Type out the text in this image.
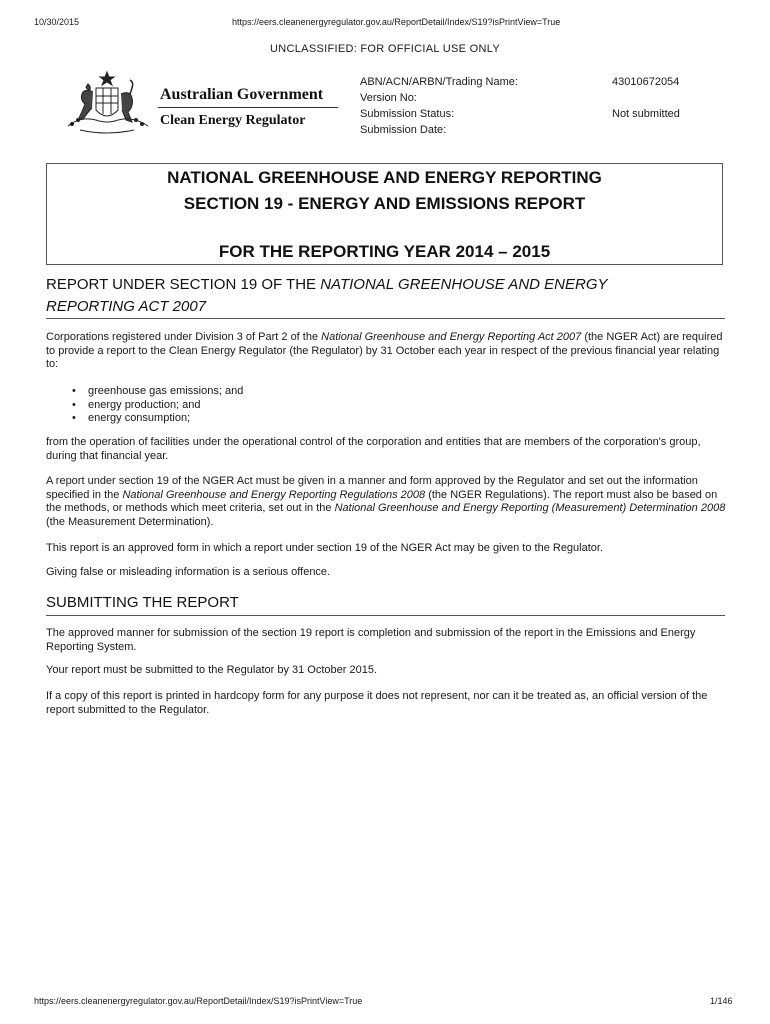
10/30/2015	https://eers.cleanenergyregulator.gov.au/ReportDetail/Index/S19?isPrintView=True
UNCLASSIFIED: FOR OFFICIAL USE ONLY
Australian Government
Clean Energy Regulator
ABN/ACN/ARBN/Trading Name:
Version No:
Submission Status:
Submission Date:
43010672054
Not submitted
NATIONAL GREENHOUSE AND ENERGY REPORTING
SECTION 19 - ENERGY AND EMISSIONS REPORT
FOR THE REPORTING YEAR 2014 – 2015
REPORT UNDER SECTION 19 OF THE NATIONAL GREENHOUSE AND ENERGY
REPORTING ACT 2007
Corporations registered under Division 3 of Part 2 of the National Greenhouse and Energy Reporting Act 2007 (the NGER Act) are required to provide a report to the Clean Energy Regulator (the Regulator) by 31 October each year in respect of the previous financial year relating to:
• greenhouse gas emissions; and
• energy production; and
• energy consumption;
from the operation of facilities under the operational control of the corporation and entities that are members of the corporation's group, during that financial year.
A report under section 19 of the NGER Act must be given in a manner and form approved by the Regulator and set out the information specified in the National Greenhouse and Energy Reporting Regulations 2008 (the NGER Regulations). The report must also be based on the methods, or methods which meet criteria, set out in the National Greenhouse and Energy Reporting (Measurement) Determination 2008 (the Measurement Determination).
This report is an approved form in which a report under section 19 of the NGER Act may be given to the Regulator.
Giving false or misleading information is a serious offence.
SUBMITTING THE REPORT
The approved manner for submission of the section 19 report is completion and submission of the report in the Emissions and Energy Reporting System.
Your report must be submitted to the Regulator by 31 October 2015.
If a copy of this report is printed in hardcopy form for any purpose it does not represent, nor can it be treated as, an official version of the report submitted to the Regulator.
https://eers.cleanenergyregulator.gov.au/ReportDetail/Index/S19?isPrintView=True	1/146
